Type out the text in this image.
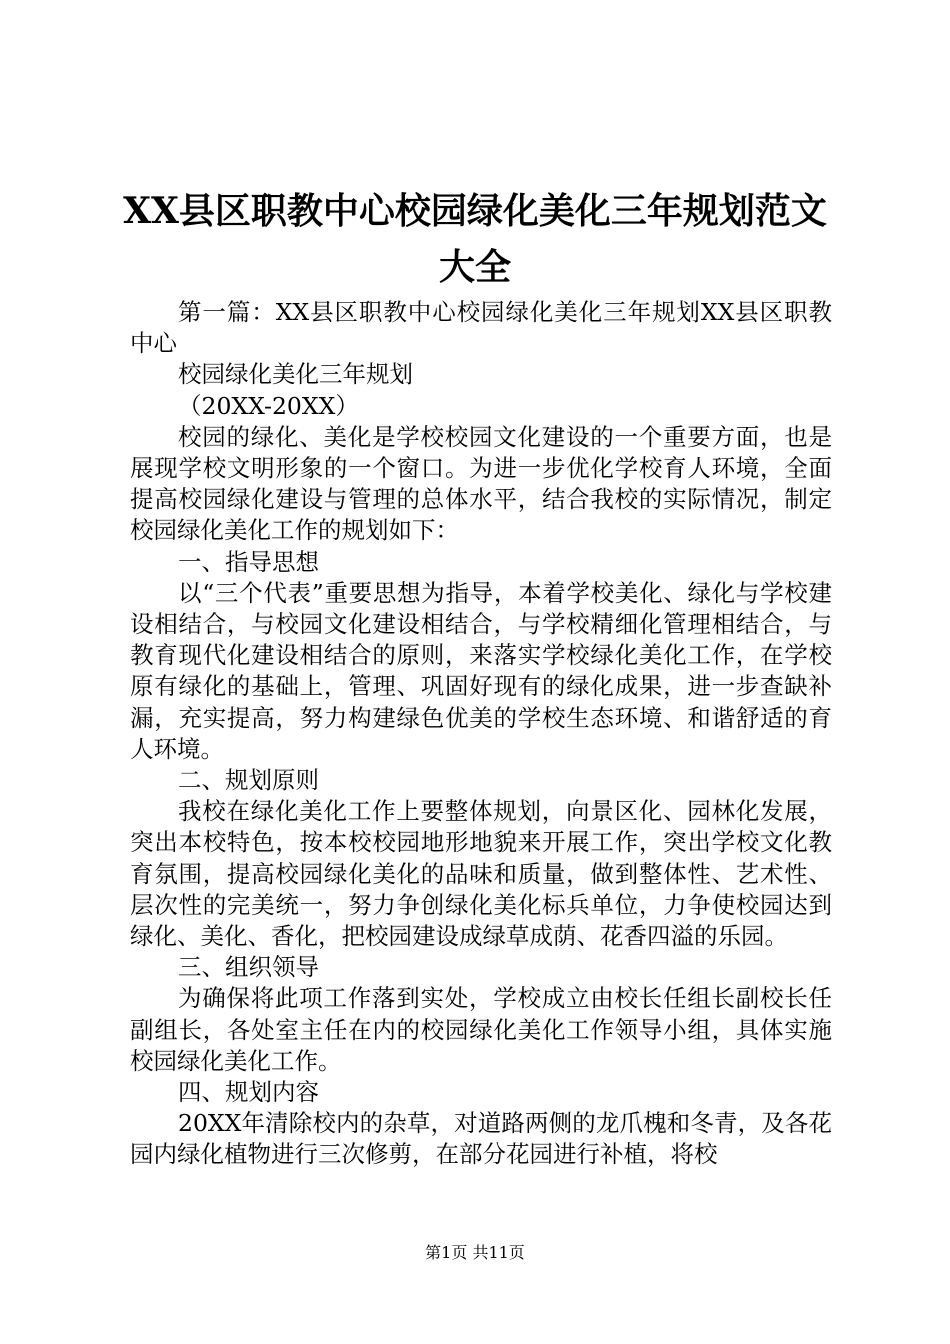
XX县区职教中心校园绿化美化三年规划范文
大全

第一篇：XX县区职教中心校园绿化美化三年规划XX县区职教中心

校园绿化美化三年规划

（20XX-20XX）

校园的绿化、美化是学校校园文化建设的一个重要方面，也是展现学校文明形象的一个窗口。为进一步优化学校育人环境，全面提高校园绿化建设与管理的总体水平，结合我校的实际情况，制定校园绿化美化工作的规划如下：

一、指导思想

以“三个代表”重要思想为指导，本着学校美化、绿化与学校建设相结合，与校园文化建设相结合，与学校精细化管理相结合，与教育现代化建设相结合的原则，来落实学校绿化美化工作，在学校原有绿化的基础上，管理、巩固好现有的绿化成果，进一步查缺补漏，充实提高，努力构建绿色优美的学校生态环境、和谐舒适的育人环境。

二、规划原则

我校在绿化美化工作上要整体规划，向景区化、园林化发展，突出本校特色，按本校校园地形地貌来开展工作，突出学校文化教育氛围，提高校园绿化美化的品味和质量，做到整体性、艺术性、层次性的完美统一，努力争创绿化美化标兵单位，力争使校园达到绿化、美化、香化，把校园建设成绿草成荫、花香四溢的乐园。

三、组织领导

为确保将此项工作落到实处，学校成立由校长任组长副校长任副组长，各处室主任在内的校园绿化美化工作领导小组，具体实施校园绿化美化工作。

四、规划内容

20XX年清除校内的杂草，对道路两侧的龙爪槐和冬青，及各花园内绿化植物进行三次修剪，在部分花园进行补植，将校

第1页 共11页
